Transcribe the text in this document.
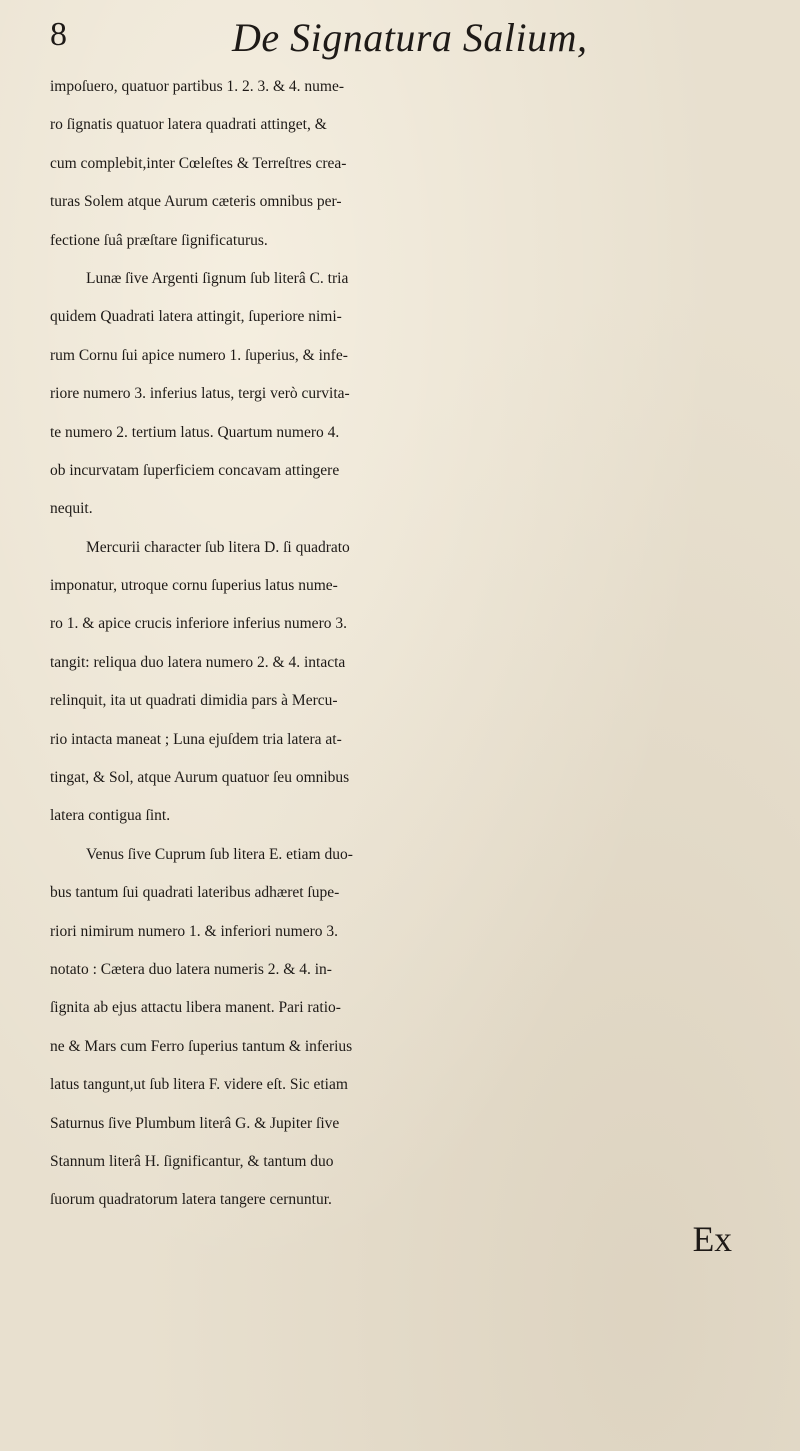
8	De Signatura Salium,
impoſuero, quatuor partibus 1. 2. 3. & 4. nume-
ro ſignatis quatuor latera quadrati attinget, &
cum complebit,inter Cœleſtes & Terreſtres crea-
turas Solem atque Aurum cæteris omnibus per-
fectione ſuâ præſtare ſignificaturus.
Lunæ ſive Argenti ſignum ſub literâ C. tria
quidem Quadrati latera attingit, ſuperiore nimi-
rum Cornu ſui apice numero 1. ſuperius, & infe-
riore numero 3. inferius latus, tergi verò curvita-
te numero 2. tertium latus. Quartum numero 4.
ob incurvatam ſuperficiem concavam attingere
nequit.
Mercurii character ſub litera D. ſi quadrato
imponatur, utroque cornu ſuperius latus nume-
ro 1. & apice crucis inferiore inferius numero 3.
tangit: reliqua duo latera numero 2. & 4. intacta
relinquit, ita ut quadrati dimidia pars à Mercu-
rio intacta maneat ; Luna ejuſdem tria latera at-
tingat, & Sol, atque Aurum quatuor ſeu omnibus
latera contigua ſint.
Venus ſive Cuprum ſub litera E. etiam duo-
bus tantum ſui quadrati lateribus adhæret ſupe-
riori nimirum numero 1. & inferiori numero 3.
notato : Cætera duo latera numeris 2. & 4. in-
ſignita ab ejus attactu libera manent. Pari ratio-
ne & Mars cum Ferro ſuperius tantum & inferius
latus tangunt,ut ſub litera F. videre eſt. Sic etiam
Saturnus ſive Plumbum literâ G. & Jupiter ſive
Stannum literâ H. ſignificantur, & tantum duo
ſuorum quadratorum latera tangere cernuntur.
Ex
